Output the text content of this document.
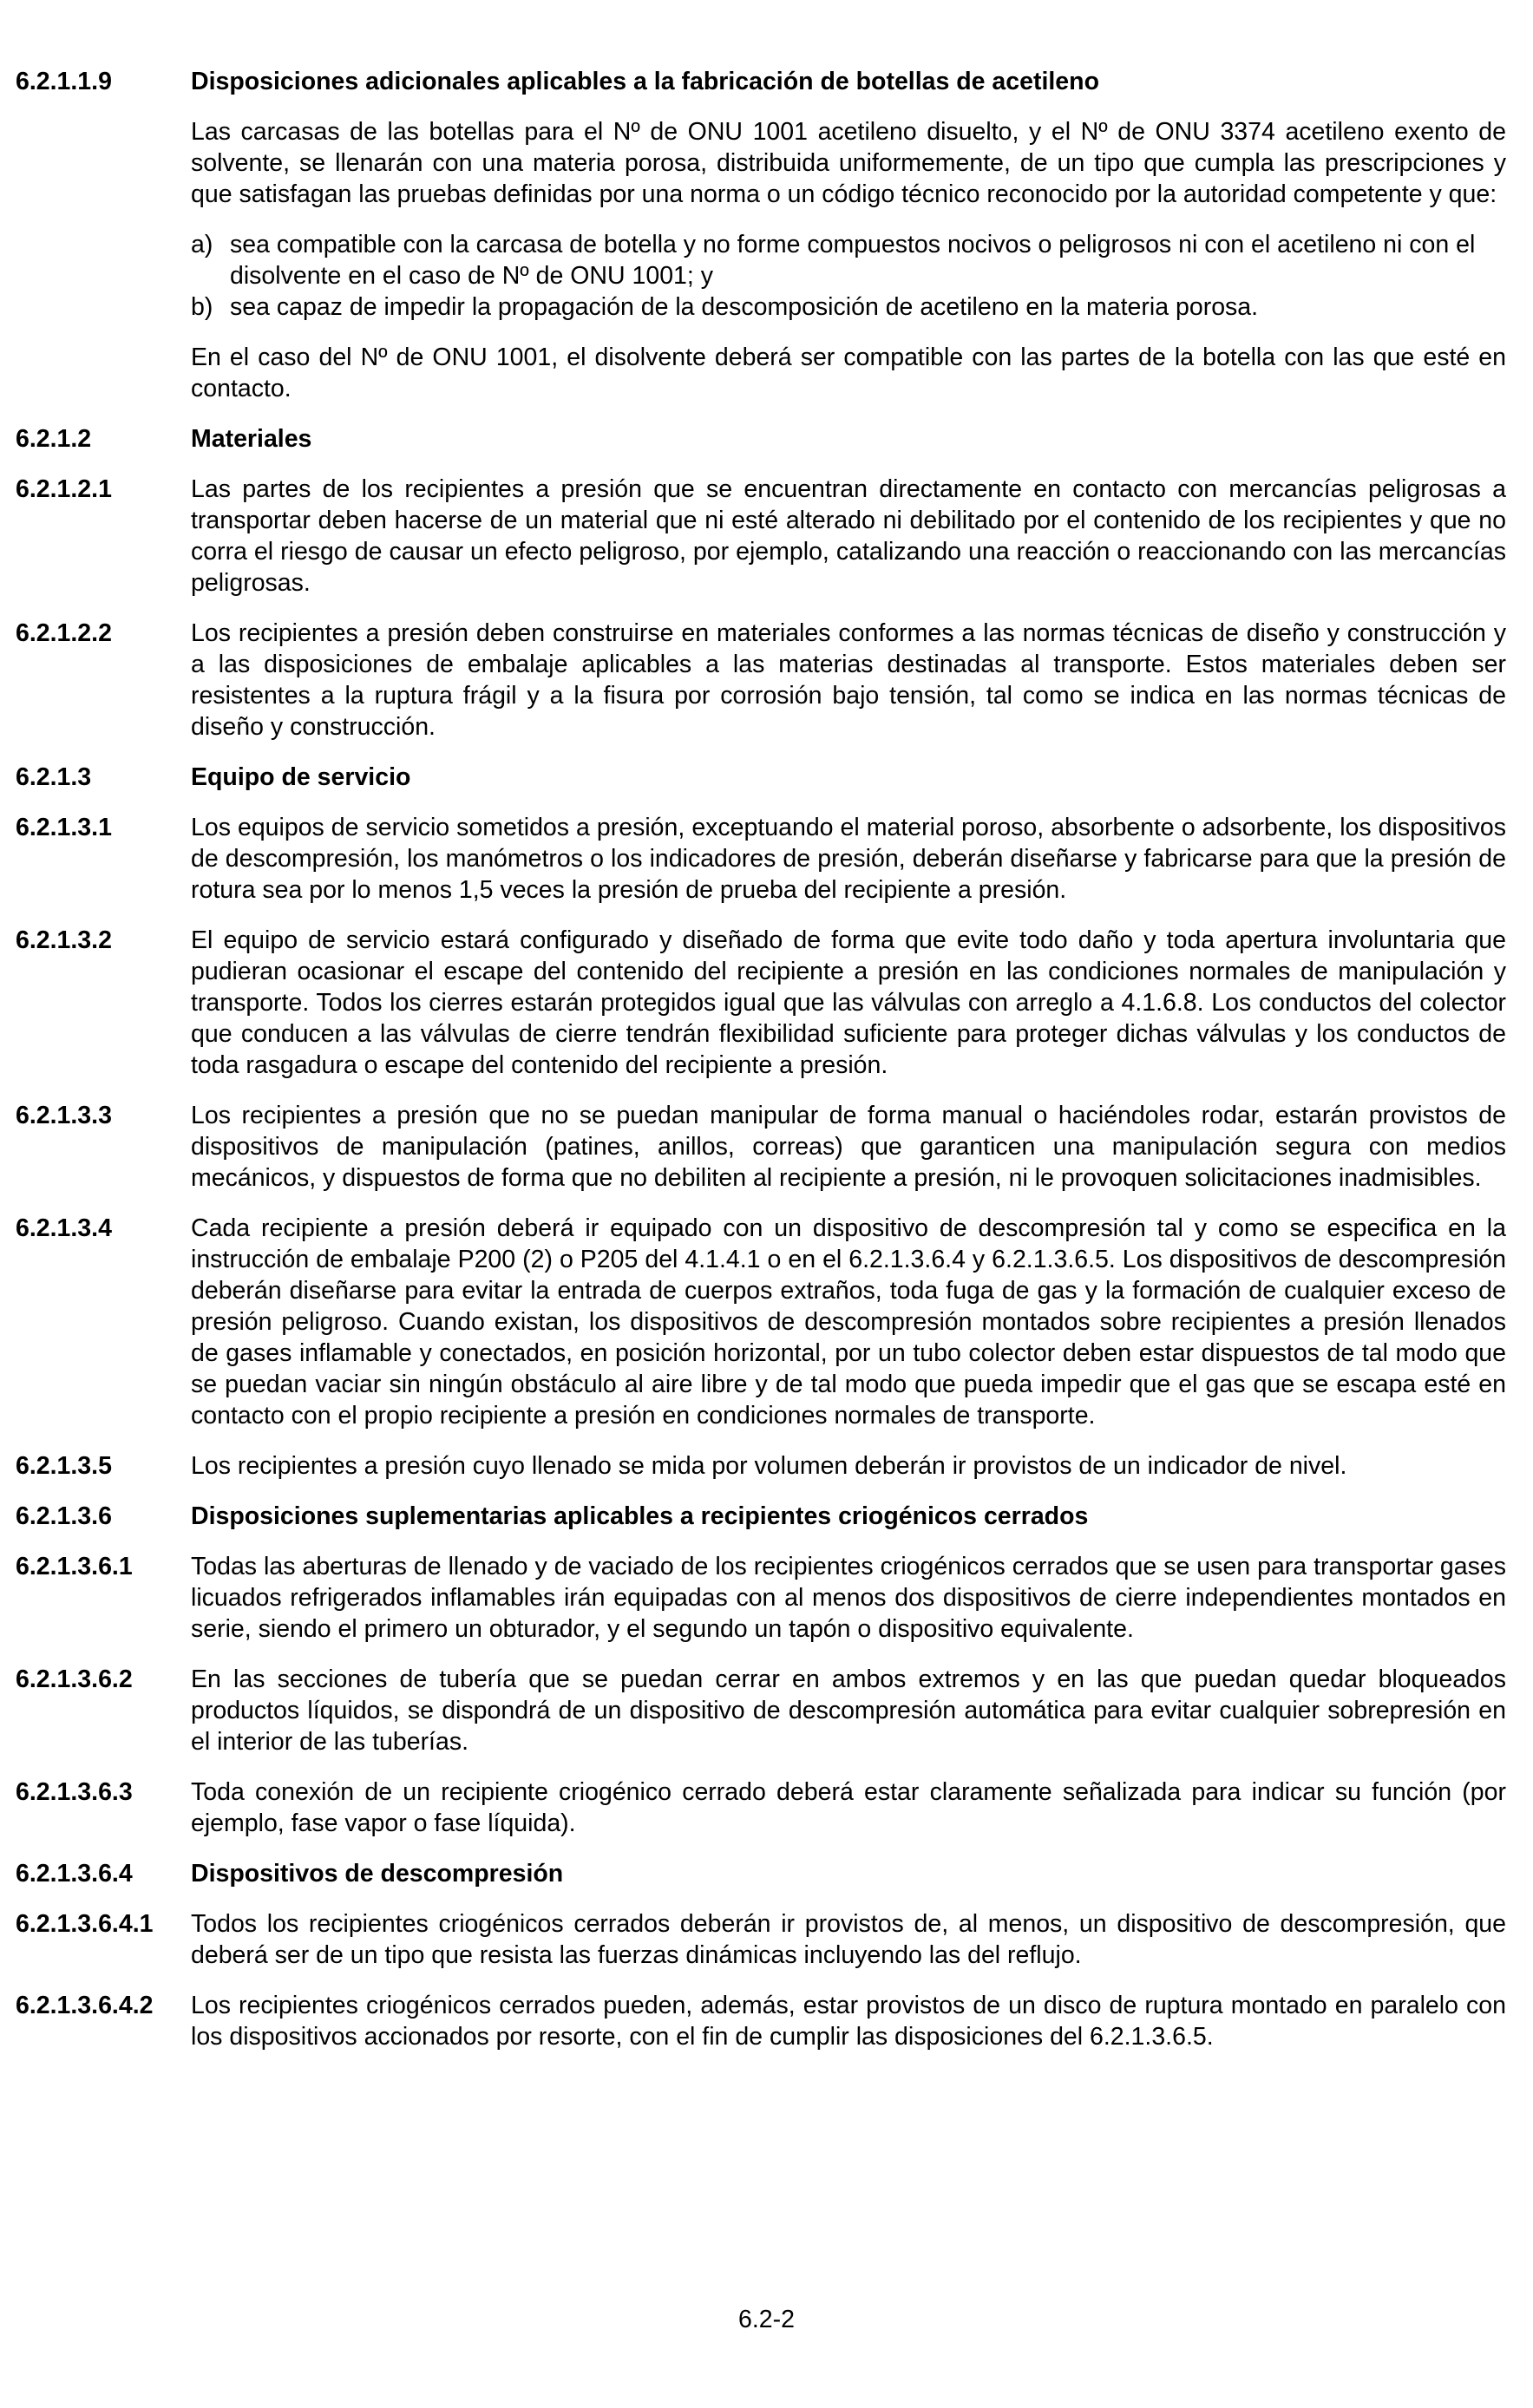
6.2.1.1.9	Disposiciones adicionales aplicables a la fabricación de botellas de acetileno

Las carcasas de las botellas para el Nº de ONU 1001 acetileno disuelto, y el Nº de ONU 3374 acetileno exento de solvente, se llenarán con una materia porosa, distribuida uniformemente, de un tipo que cumpla las prescripciones y que satisfagan las pruebas definidas por una norma o un código técnico reconocido por la autoridad competente y que:

a) sea compatible con la carcasa de botella y no forme compuestos nocivos o peligrosos ni con el acetileno ni con el disolvente en el caso de Nº de ONU 1001; y
b) sea capaz de impedir la propagación de la descomposición de acetileno en la materia porosa.

En el caso del Nº de ONU 1001, el disolvente deberá ser compatible con las partes de la botella con las que esté en contacto.

6.2.1.2	Materiales
6.2.1.2.1	Las partes de los recipientes a presión que se encuentran directamente en contacto con mercancías peligrosas a transportar deben hacerse de un material que ni esté alterado ni debilitado por el contenido de los recipientes y que no corra el riesgo de causar un efecto peligroso, por ejemplo, catalizando una reacción o reaccionando con las mercancías peligrosas.
6.2.1.2.2	Los recipientes a presión deben construirse en materiales conformes a las normas técnicas de diseño y construcción y a las disposiciones de embalaje aplicables a las materias destinadas al transporte. Estos materiales deben ser resistentes a la ruptura frágil y a la fisura por corrosión bajo tensión, tal como se indica en las normas técnicas de diseño y construcción.
6.2.1.3	Equipo de servicio
6.2.1.3.1	Los equipos de servicio sometidos a presión, exceptuando el material poroso, absorbente o adsorbente, los dispositivos de descompresión, los manómetros o los indicadores de presión, deberán diseñarse y fabricarse para que la presión de rotura sea por lo menos 1,5 veces la presión de prueba del recipiente a presión.
6.2.1.3.2	El equipo de servicio estará configurado y diseñado de forma que evite todo daño y toda apertura involuntaria que pudieran ocasionar el escape del contenido del recipiente a presión en las condiciones normales de manipulación y transporte. Todos los cierres estarán protegidos igual que las válvulas con arreglo a 4.1.6.8. Los conductos del colector que conducen a las válvulas de cierre tendrán flexibilidad suficiente para proteger dichas válvulas y los conductos de toda rasgadura o escape del contenido del recipiente a presión.
6.2.1.3.3	Los recipientes a presión que no se puedan manipular de forma manual o haciéndoles rodar, estarán provistos de dispositivos de manipulación (patines, anillos, correas) que garanticen una manipulación segura con medios mecánicos, y dispuestos de forma que no debiliten al recipiente a presión, ni le provoquen solicitaciones inadmisibles.
6.2.1.3.4	Cada recipiente a presión deberá ir equipado con un dispositivo de descompresión tal y como se especifica en la instrucción de embalaje P200 (2) o P205 del 4.1.4.1 o en el 6.2.1.3.6.4 y 6.2.1.3.6.5. Los dispositivos de descompresión deberán diseñarse para evitar la entrada de cuerpos extraños, toda fuga de gas y la formación de cualquier exceso de presión peligroso. Cuando existan, los dispositivos de descompresión montados sobre recipientes a presión llenados de gases inflamable y conectados, en posición horizontal, por un tubo colector deben estar dispuestos de tal modo que se puedan vaciar sin ningún obstáculo al aire libre y de tal modo que pueda impedir que el gas que se escapa esté en contacto con el propio recipiente a presión en condiciones normales de transporte.
6.2.1.3.5	Los recipientes a presión cuyo llenado se mida por volumen deberán ir provistos de un indicador de nivel.
6.2.1.3.6	Disposiciones suplementarias aplicables a recipientes criogénicos cerrados
6.2.1.3.6.1	Todas las aberturas de llenado y de vaciado de los recipientes criogénicos cerrados que se usen para transportar gases licuados refrigerados inflamables irán equipadas con al menos dos dispositivos de cierre independientes montados en serie, siendo el primero un obturador, y el segundo un tapón o dispositivo equivalente.
6.2.1.3.6.2	En las secciones de tubería que se puedan cerrar en ambos extremos y en las que puedan quedar bloqueados productos líquidos, se dispondrá de un dispositivo de descompresión automática para evitar cualquier sobrepresión en el interior de las tuberías.
6.2.1.3.6.3	Toda conexión de un recipiente criogénico cerrado deberá estar claramente señalizada para indicar su función (por ejemplo, fase vapor o fase líquida).
6.2.1.3.6.4	Dispositivos de descompresión
6.2.1.3.6.4.1	Todos los recipientes criogénicos cerrados deberán ir provistos de, al menos, un dispositivo de descompresión, que deberá ser de un tipo que resista las fuerzas dinámicas incluyendo las del reflujo.
6.2.1.3.6.4.2	Los recipientes criogénicos cerrados pueden, además, estar provistos de un disco de ruptura montado en paralelo con los dispositivos accionados por resorte, con el fin de cumplir las disposiciones del 6.2.1.3.6.5.
6.2-2
